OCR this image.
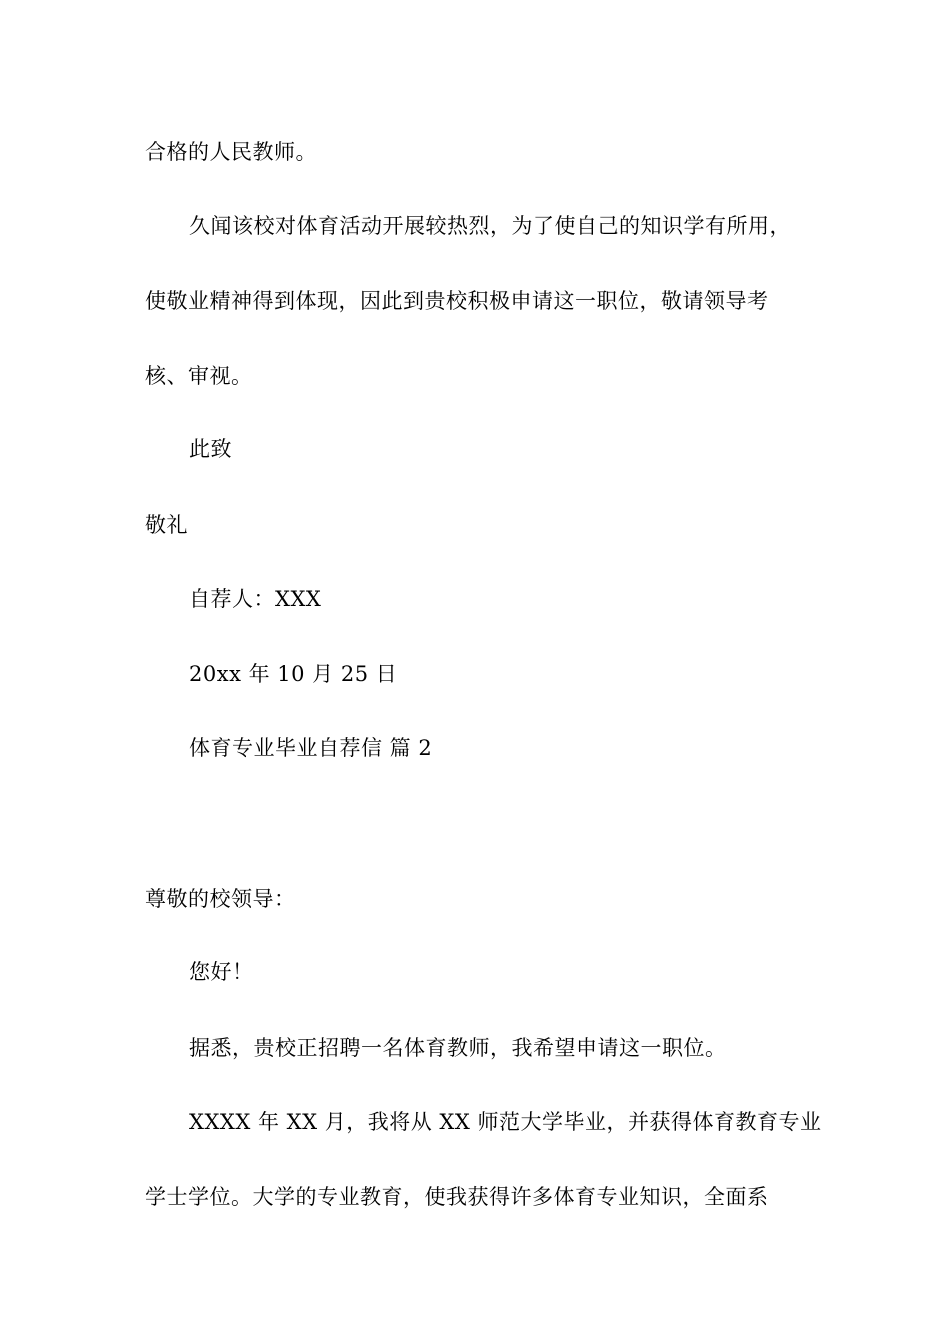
合格的人民教师。

久闻该校对体育活动开展较热烈，为了使自己的知识学有所用，

使敬业精神得到体现，因此到贵校积极申请这一职位，敬请领导考

核、审视。

此致

敬礼

自荐人：XXX

20xx 年 10 月 25 日

体育专业毕业自荐信 篇 2

尊敬的校领导：

您好！

据悉，贵校正招聘一名体育教师，我希望申请这一职位。

XXXX 年 XX 月，我将从 XX 师范大学毕业，并获得体育教育专业

学士学位。大学的专业教育，使我获得许多体育专业知识，全面系
